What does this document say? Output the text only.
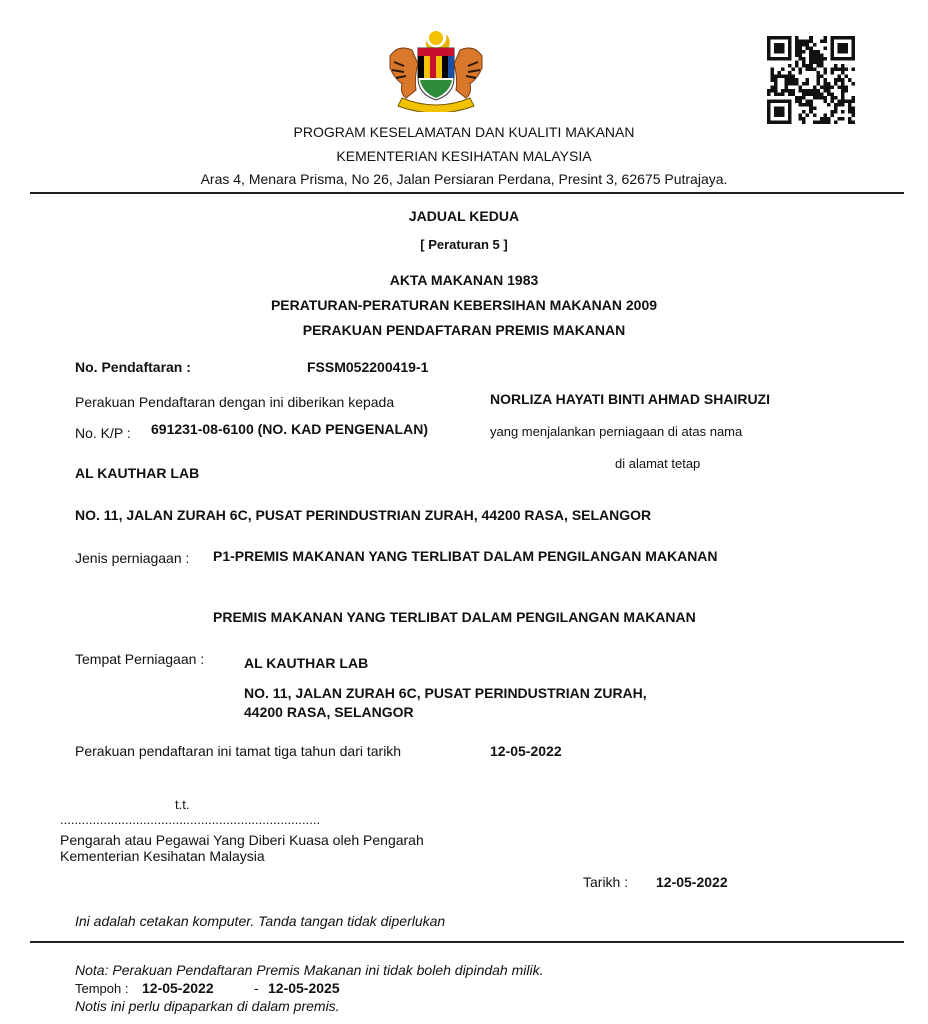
PROGRAM KESELAMATAN DAN KUALITI MAKANAN
KEMENTERIAN KESIHATAN MALAYSIA
Aras 4, Menara Prisma, No 26, Jalan Persiaran Perdana, Presint 3, 62675 Putrajaya.
JADUAL KEDUA
[ Peraturan 5 ]
AKTA MAKANAN 1983
PERATURAN-PERATURAN KEBERSIHAN MAKANAN 2009
PERAKUAN PENDAFTARAN PREMIS MAKANAN
No. Pendaftaran :	FSSM052200419-1
Perakuan Pendaftaran dengan ini diberikan kepada	NORLIZA HAYATI BINTI AHMAD SHAIRUZI
No. K/P : 691231-08-6100 (NO. KAD PENGENALAN)	yang menjalankan perniagaan di atas nama
AL KAUTHAR LAB
di alamat tetap
NO. 11, JALAN ZURAH 6C, PUSAT PERINDUSTRIAN ZURAH, 44200 RASA, SELANGOR
Jenis perniagaan : P1-PREMIS MAKANAN YANG TERLIBAT DALAM PENGILANGAN MAKANAN
PREMIS MAKANAN YANG TERLIBAT DALAM PENGILANGAN MAKANAN
Tempat Perniagaan :	AL KAUTHAR LAB
NO. 11, JALAN ZURAH 6C, PUSAT PERINDUSTRIAN ZURAH,
44200 RASA, SELANGOR
Perakuan pendaftaran ini tamat tiga tahun dari tarikh	12-05-2022
t.t.
........................................................................
Pengarah atau Pegawai Yang Diberi Kuasa oleh Pengarah
Kementerian Kesihatan Malaysia
Tarikh : 12-05-2022
Ini adalah cetakan komputer. Tanda tangan tidak diperlukan
Nota: Perakuan Pendaftaran Premis Makanan ini tidak boleh dipindah milik.
Tempoh : 12-05-2022	- 12-05-2025
Notis ini perlu dipaparkan di dalam premis.
